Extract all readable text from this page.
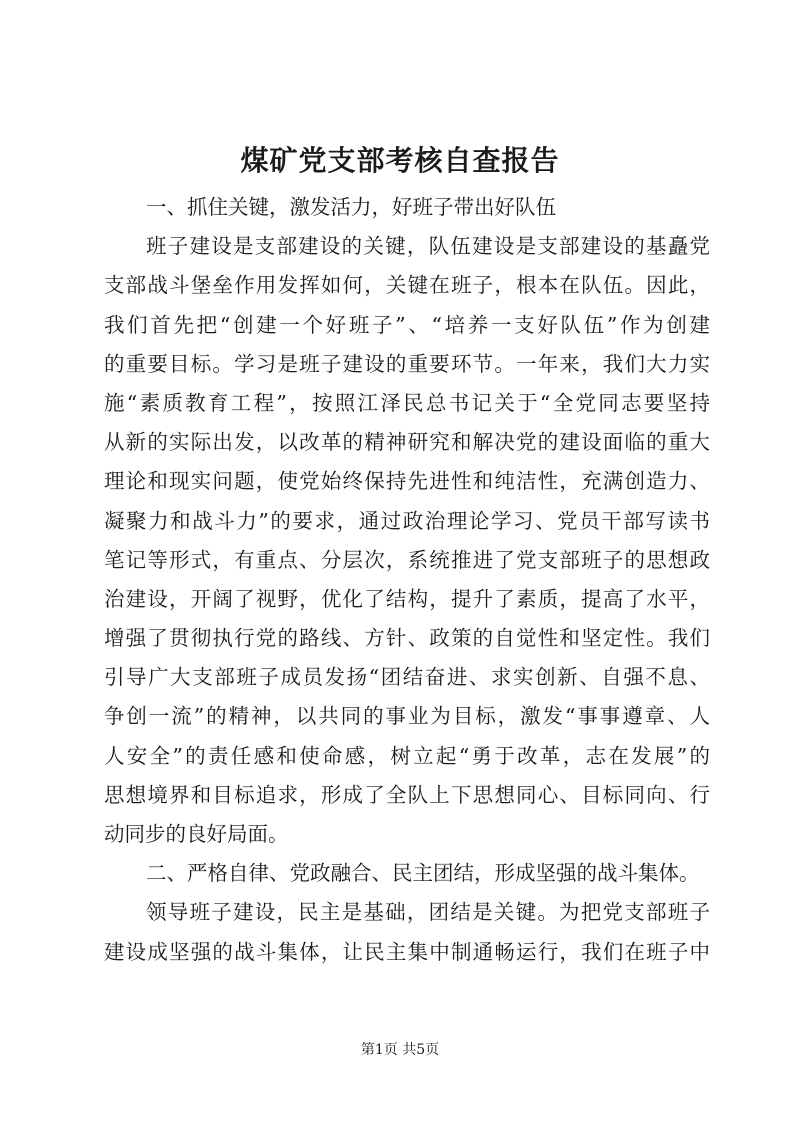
煤矿党支部考核自查报告
一、抓住关键，激发活力，好班子带出好队伍
班子建设是支部建设的关键，队伍建设是支部建设的基矗党
支部战斗堡垒作用发挥如何，关键在班子，根本在队伍。因此，
我们首先把“创建一个好班子”、“培养一支好队伍”作为创建
的重要目标。学习是班子建设的重要环节。一年来，我们大力实
施“素质教育工程”，按照江泽民总书记关于“全党同志要坚持
从新的实际出发，以改革的精神研究和解决党的建设面临的重大
理论和现实问题，使党始终保持先进性和纯洁性，充满创造力、
凝聚力和战斗力”的要求，通过政治理论学习、党员干部写读书
笔记等形式，有重点、分层次，系统推进了党支部班子的思想政
治建设，开阔了视野，优化了结构，提升了素质，提高了水平，
增强了贯彻执行党的路线、方针、政策的自觉性和坚定性。我们
引导广大支部班子成员发扬“团结奋进、求实创新、自强不息、
争创一流”的精神，以共同的事业为目标，激发“事事遵章、人
人安全”的责任感和使命感，树立起“勇于改革，志在发展”的
思想境界和目标追求，形成了全队上下思想同心、目标同向、行
动同步的良好局面。
二、严格自律、党政融合、民主团结，形成坚强的战斗集体。
领导班子建设，民主是基础，团结是关键。为把党支部班子
建设成坚强的战斗集体，让民主集中制通畅运行，我们在班子中
第1页 共5页
